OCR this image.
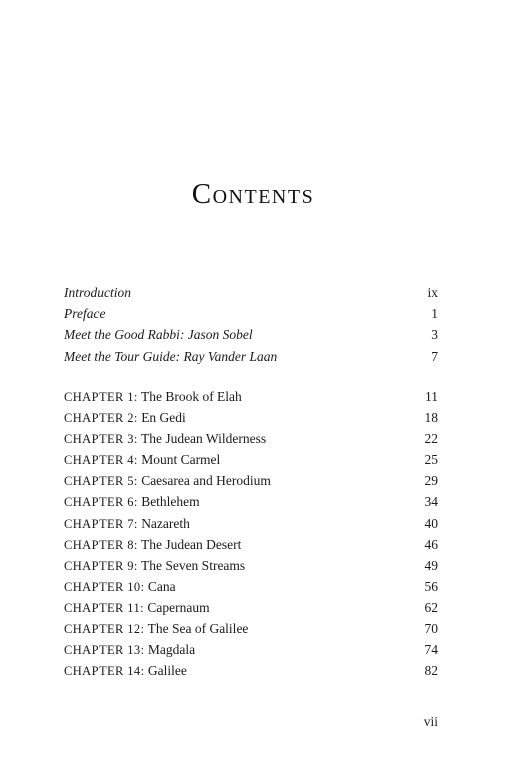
Contents
Introduction	ix
Preface	1
Meet the Good Rabbi: Jason Sobel	3
Meet the Tour Guide: Ray Vander Laan	7
CHAPTER 1: The Brook of Elah	11
CHAPTER 2: En Gedi	18
CHAPTER 3: The Judean Wilderness	22
CHAPTER 4: Mount Carmel	25
CHAPTER 5: Caesarea and Herodium	29
CHAPTER 6: Bethlehem	34
CHAPTER 7: Nazareth	40
CHAPTER 8: The Judean Desert	46
CHAPTER 9: The Seven Streams	49
CHAPTER 10: Cana	56
CHAPTER 11: Capernaum	62
CHAPTER 12: The Sea of Galilee	70
CHAPTER 13: Magdala	74
CHAPTER 14: Galilee	82
vii
